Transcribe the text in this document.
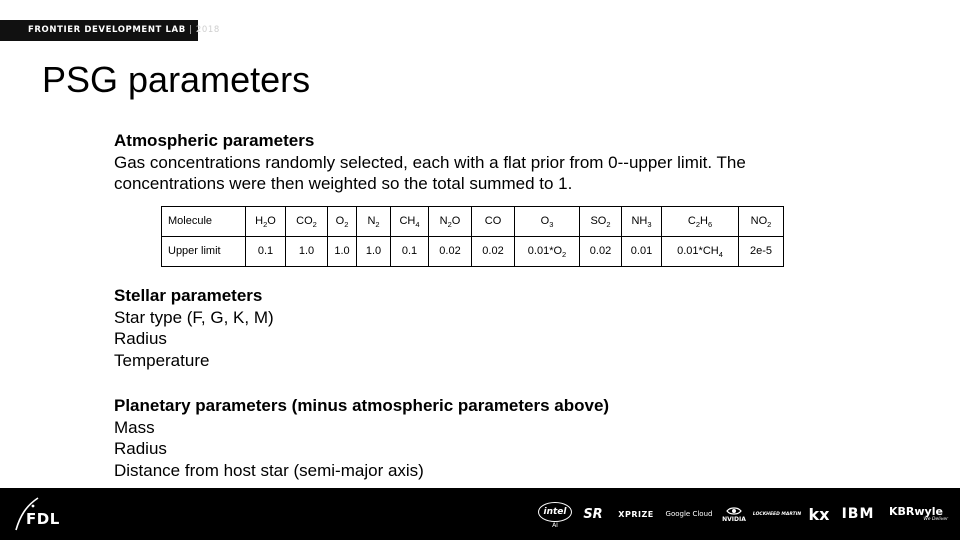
FRONTIER DEVELOPMENT LAB | 2018
PSG parameters
Atmospheric parameters
Gas concentrations randomly selected, each with a flat prior from 0--upper limit. The concentrations were then weighted so the total summed to 1.
Molecule	$H_2O$	$CO_2$	$O_2$	$N_2$	$CH_4$	$N_2O$	CO	$O_3$	$SO_2$	$NH_3$	$C_2H_6$	$NO_2$
Upper limit	0.1	1.0	1.0	1.0	0.1	0.02	0.02	$0.01*O_2$	0.02	0.01	$0.01*CH_4$	2e-5
Stellar parameters
Star type (F, G, K, M)
Radius
Temperature
Planetary parameters (minus atmospheric parameters above)
Mass
Radius
Distance from host star (semi-major axis)
FDL	intel
AI
SR	XPRIZE	Google Cloud
NVIDIA
LOCKHEED MARTIN kx IBM KBRwyle
We Deliver
